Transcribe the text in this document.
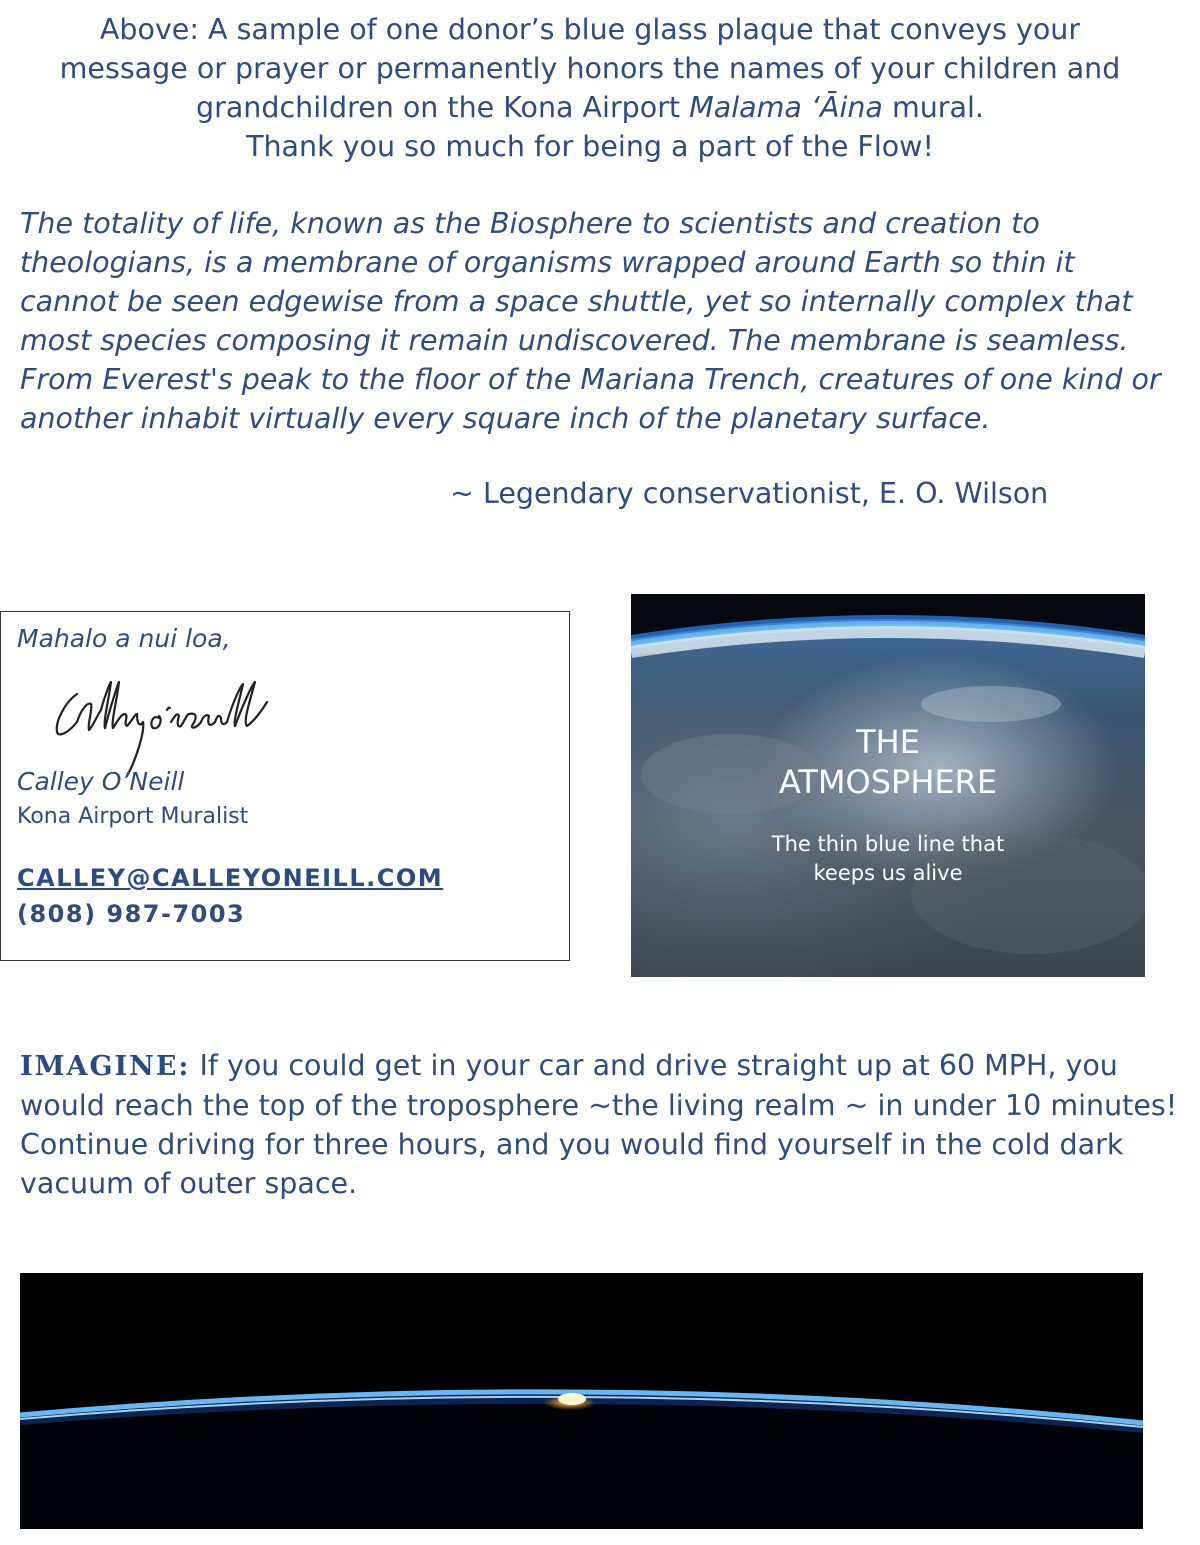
Above: A sample of one donor’s blue glass plaque that conveys your message or prayer or permanently honors the names of your children and grandchildren on the Kona Airport Malama ‘Āina mural.
Thank you so much for being a part of the Flow!

The totality of life, known as the Biosphere to scientists and creation to theologians, is a membrane of organisms wrapped around Earth so thin it cannot be seen edgewise from a space shuttle, yet so internally complex that most species composing it remain undiscovered. The membrane is seamless. From Everest's peak to the floor of the Mariana Trench, creatures of one kind or another inhabit virtually every square inch of the planetary surface.

~ Legendary conservationist, E. O. Wilson
Mahalo a nui loa,
Calley O’Neill
Kona Airport Muralist
CALLEY@CALLEYONEILL.COM
(808) 987-7003
THE
ATMOSPHERE
The thin blue line that
keeps us alive

IMAGINE: If you could get in your car and drive straight up at 60 MPH, you would reach the top of the troposphere ~the living realm ~ in under 10 minutes! Continue driving for three hours, and you would find yourself in the cold dark vacuum of outer space.
